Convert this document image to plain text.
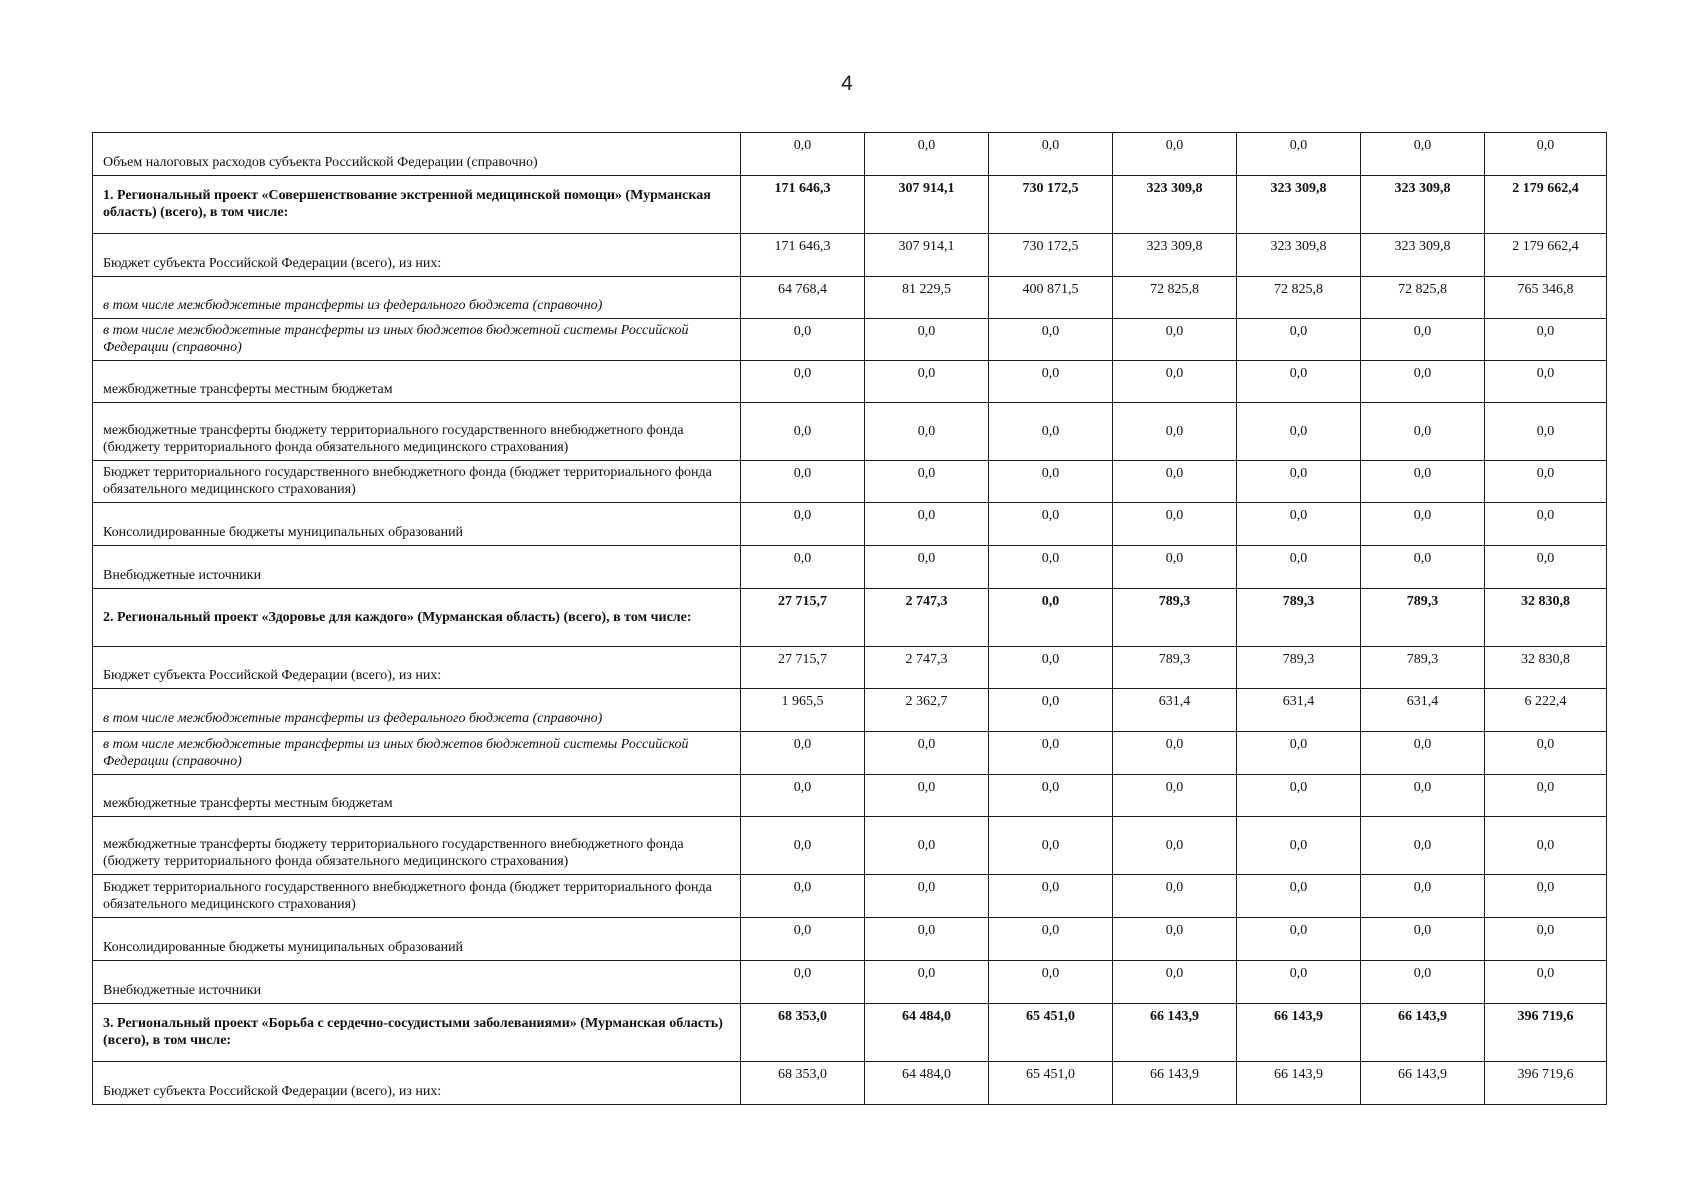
4
Объем налоговых расходов субъекта Российской Федерации (справочно)	0,0	0,0	0,0	0,0	0,0	0,0	0,0
1. Региональный проект «Совершенствование экстренной медицинской помощи» (Мурманская область) (всего), в том числе:	171 646,3	307 914,1	730 172,5	323 309,8	323 309,8	323 309,8	2 179 662,4
Бюджет субъекта Российской Федерации (всего), из них:	171 646,3	307 914,1	730 172,5	323 309,8	323 309,8	323 309,8	2 179 662,4
в том числе межбюджетные трансферты из федерального бюджета (справочно)	64 768,4	81 229,5	400 871,5	72 825,8	72 825,8	72 825,8	765 346,8
в том числе межбюджетные трансферты из иных бюджетов бюджетной системы Российской Федерации (справочно)	0,0	0,0	0,0	0,0	0,0	0,0	0,0
межбюджетные трансферты местным бюджетам	0,0	0,0	0,0	0,0	0,0	0,0	0,0
межбюджетные трансферты бюджету территориального государственного внебюджетного фонда (бюджету территориального фонда обязательного медицинского страхования)	0,0	0,0	0,0	0,0	0,0	0,0	0,0
Бюджет территориального государственного внебюджетного фонда (бюджет территориального фонда обязательного медицинского страхования)	0,0	0,0	0,0	0,0	0,0	0,0	0,0
Консолидированные бюджеты муниципальных образований	0,0	0,0	0,0	0,0	0,0	0,0	0,0
Внебюджетные источники	0,0	0,0	0,0	0,0	0,0	0,0	0,0
2. Региональный проект «Здоровье для каждого» (Мурманская область) (всего), в том числе:	27 715,7	2 747,3	0,0	789,3	789,3	789,3	32 830,8
Бюджет субъекта Российской Федерации (всего), из них:	27 715,7	2 747,3	0,0	789,3	789,3	789,3	32 830,8
в том числе межбюджетные трансферты из федерального бюджета (справочно)	1 965,5	2 362,7	0,0	631,4	631,4	631,4	6 222,4
в том числе межбюджетные трансферты из иных бюджетов бюджетной системы Российской Федерации (справочно)	0,0	0,0	0,0	0,0	0,0	0,0	0,0
межбюджетные трансферты местным бюджетам	0,0	0,0	0,0	0,0	0,0	0,0	0,0
межбюджетные трансферты бюджету территориального государственного внебюджетного фонда (бюджету территориального фонда обязательного медицинского страхования)	0,0	0,0	0,0	0,0	0,0	0,0	0,0
Бюджет территориального государственного внебюджетного фонда (бюджет территориального фонда обязательного медицинского страхования)	0,0	0,0	0,0	0,0	0,0	0,0	0,0
Консолидированные бюджеты муниципальных образований	0,0	0,0	0,0	0,0	0,0	0,0	0,0
Внебюджетные источники	0,0	0,0	0,0	0,0	0,0	0,0	0,0
3. Региональный проект «Борьба с сердечно-сосудистыми заболеваниями» (Мурманская область) (всего), в том числе:	68 353,0	64 484,0	65 451,0	66 143,9	66 143,9	66 143,9	396 719,6
Бюджет субъекта Российской Федерации (всего), из них:	68 353,0	64 484,0	65 451,0	66 143,9	66 143,9	66 143,9	396 719,6
